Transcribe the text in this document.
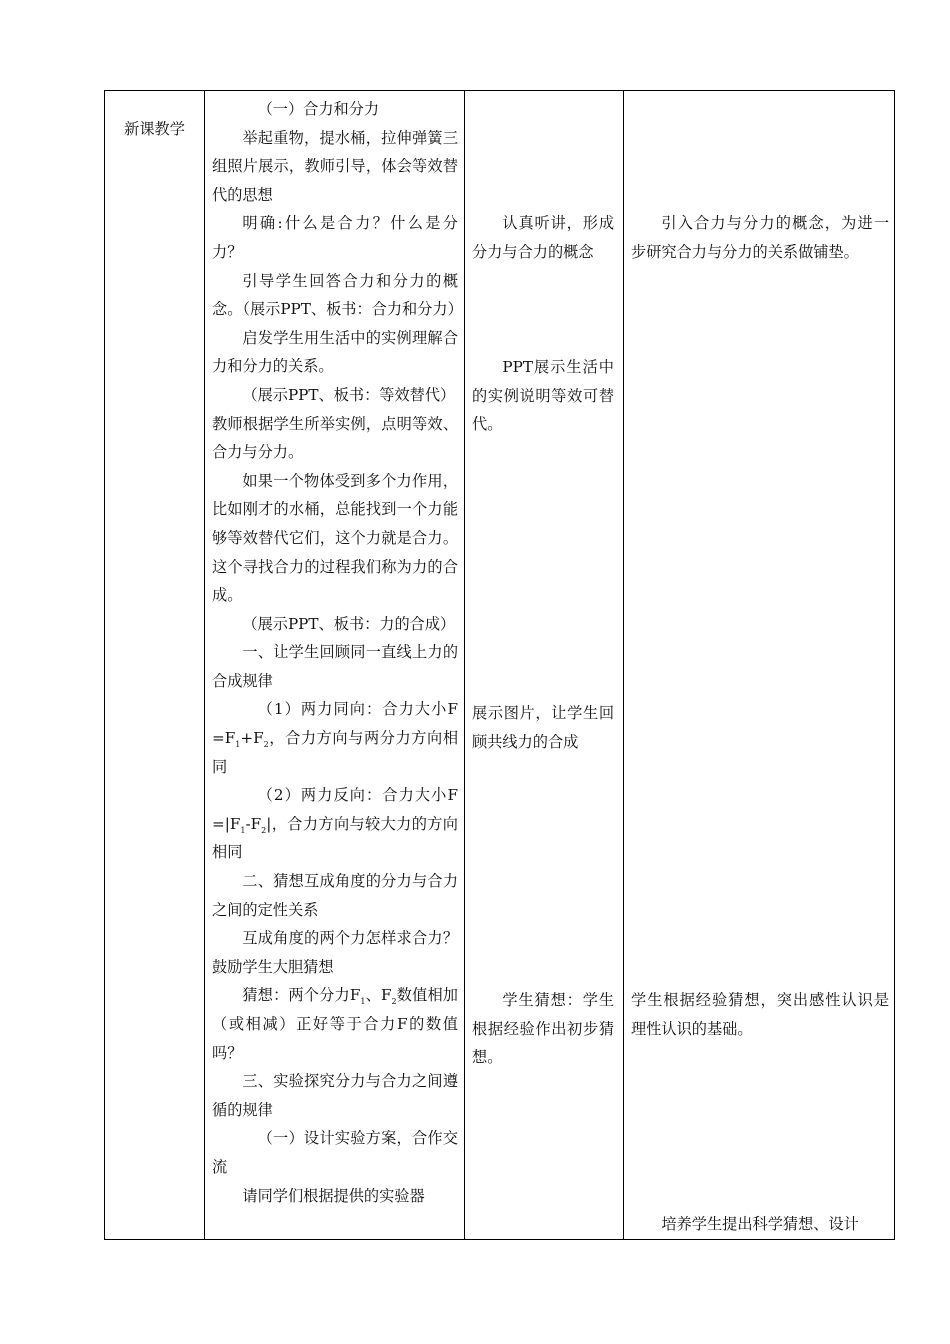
新课教学

（一）合力和分力

举起重物，提水桶，拉伸弹簧三组照片展示，教师引导，体会等效替代的思想

明确:什么是合力？什么是分力？

引导学生回答合力和分力的概念。（展示PPT、板书：合力和分力）

启发学生用生活中的实例理解合力和分力的关系。

（展示PPT、板书：等效替代）

教师根据学生所举实例，点明等效、合力与分力。

如果一个物体受到多个力作用，比如刚才的水桶，总能找到一个力能够等效替代它们，这个力就是合力。这个寻找合力的过程我们称为力的合成。

（展示PPT、板书：力的合成）

一、让学生回顾同一直线上力的合成规律

（1）两力同向：合力大小$F =F_1+F_2$，合力方向与两分力方向相同

（2）两力反向：合力大小$F =|F_1-F_2|$，合力方向与较大力的方向相同

二、猜想互成角度的分力与合力之间的定性关系

互成角度的两个力怎样求合力？鼓励学生大胆猜想

猜想：两个分力$F_1$、$F_2$数值相加（或相减）正好等于合力F的数值吗？

三、实验探究分力与合力之间遵循的规律

（一）设计实验方案，合作交流

请同学们根据提供的实验器

认真听讲，形成分力与合力的概念

PPT展示生活中的实例说明等效可替代。

展示图片，让学生回顾共线力的合成

学生猜想：学生根据经验作出初步猜想。

引入合力与分力的概念，为进一步研究合力与分力的关系做铺垫。

学生根据经验猜想，突出感性认识是理性认识的基础。

培养学生提出科学猜想、设计
